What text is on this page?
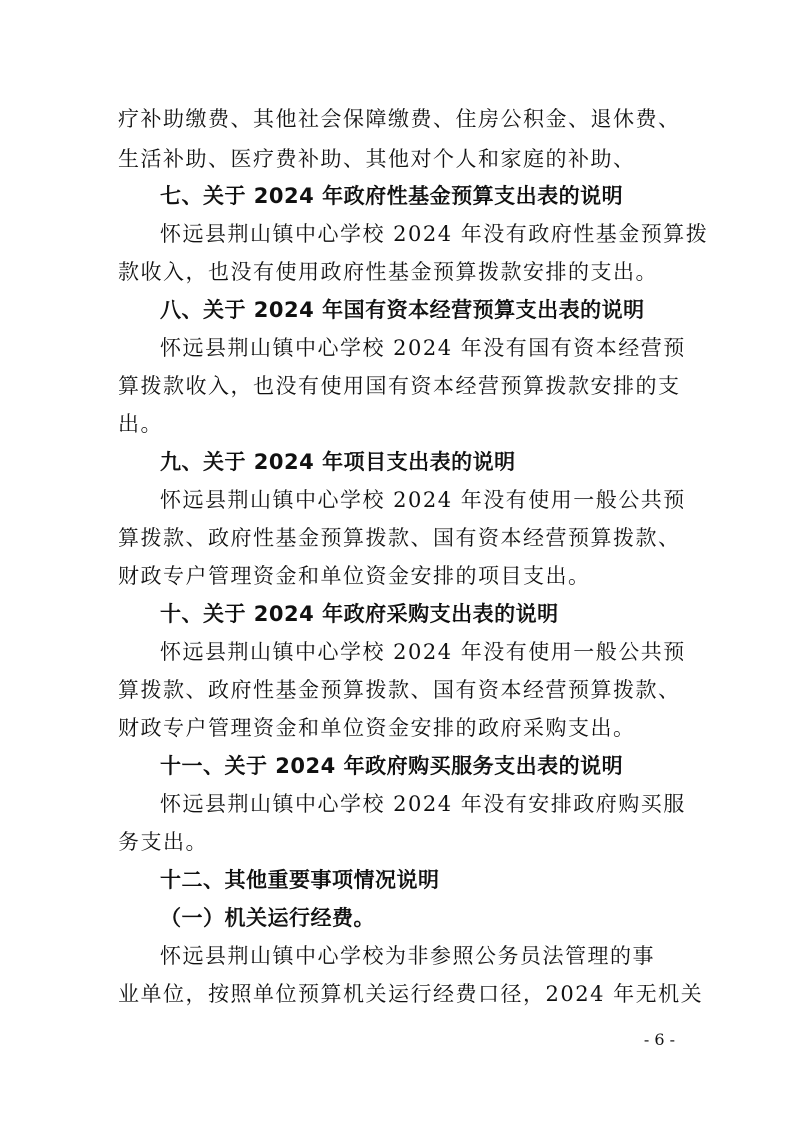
疗补助缴费、其他社会保障缴费、住房公积金、退休费、
生活补助、医疗费补助、其他对个人和家庭的补助、
七、关于 2024 年政府性基金预算支出表的说明
怀远县荆山镇中心学校 2024 年没有政府性基金预算拨
款收入，也没有使用政府性基金预算拨款安排的支出。
八、关于 2024 年国有资本经营预算支出表的说明
怀远县荆山镇中心学校 2024 年没有国有资本经营预
算拨款收入，也没有使用国有资本经营预算拨款安排的支
出。
九、关于 2024 年项目支出表的说明
怀远县荆山镇中心学校 2024 年没有使用一般公共预
算拨款、政府性基金预算拨款、国有资本经营预算拨款、
财政专户管理资金和单位资金安排的项目支出。
十、关于 2024 年政府采购支出表的说明
怀远县荆山镇中心学校 2024 年没有使用一般公共预
算拨款、政府性基金预算拨款、国有资本经营预算拨款、
财政专户管理资金和单位资金安排的政府采购支出。
十一、关于 2024 年政府购买服务支出表的说明
怀远县荆山镇中心学校 2024 年没有安排政府购买服
务支出。
十二、其他重要事项情况说明
（一）机关运行经费。
怀远县荆山镇中心学校为非参照公务员法管理的事
业单位，按照单位预算机关运行经费口径，2024 年无机关
- 6 -
